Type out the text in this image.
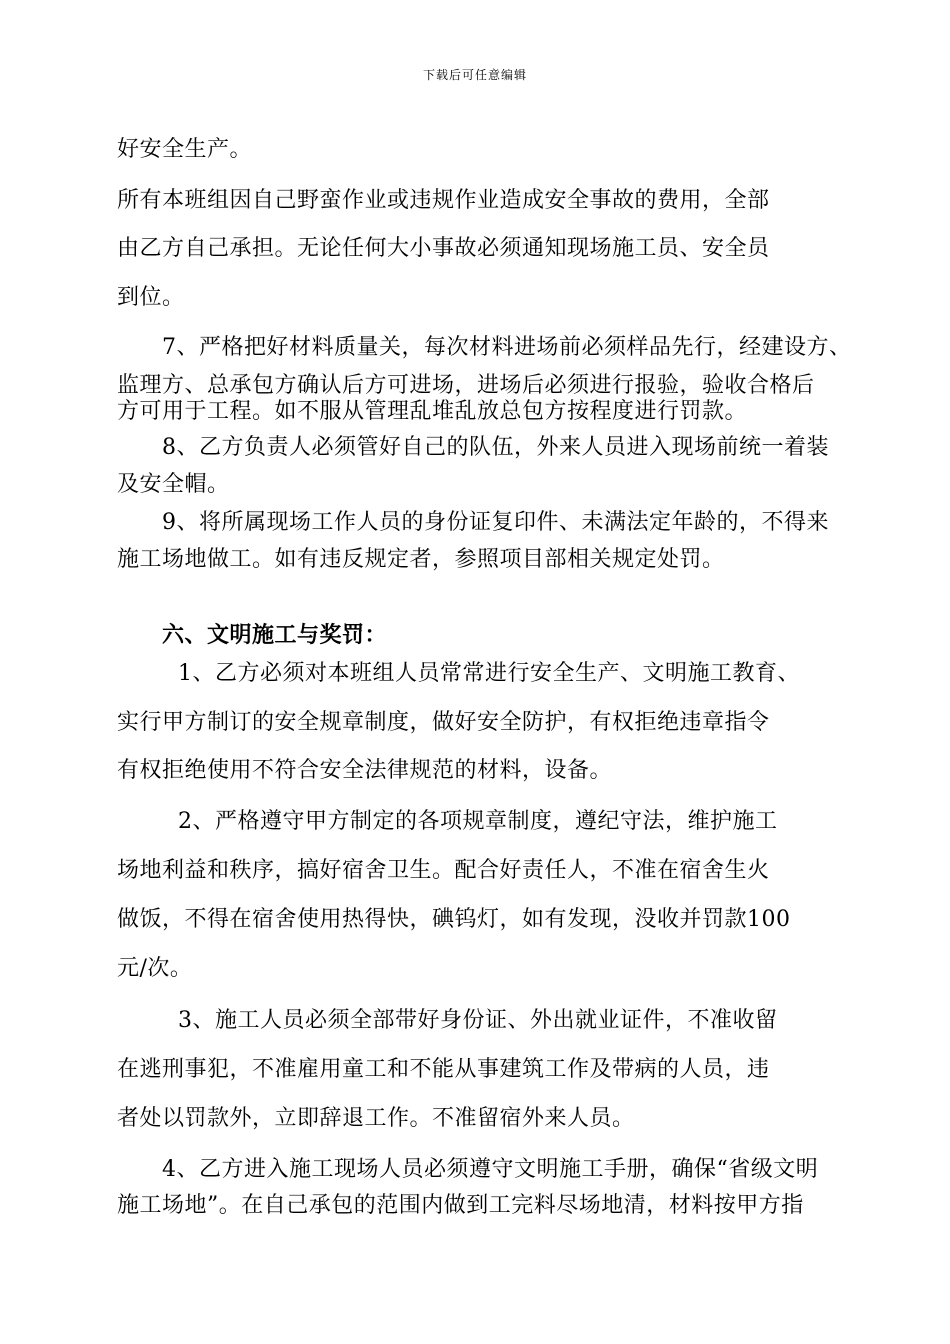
下载后可任意编辑
好安全生产。
所有本班组因自己野蛮作业或违规作业造成安全事故的费用，全部
由乙方自己承担。无论任何大小事故必须通知现场施工员、安全员
到位。
7、严格把好材料质量关，每次材料进场前必须样品先行，经建设方、
监理方、总承包方确认后方可进场，进场后必须进行报验，验收合格后
方可用于工程。如不服从管理乱堆乱放总包方按程度进行罚款。
8、乙方负责人必须管好自己的队伍，外来人员进入现场前统一着装
及安全帽。
9、将所属现场工作人员的身份证复印件、未满法定年龄的，不得来
施工场地做工。如有违反规定者，参照项目部相关规定处罚。
六、文明施工与奖罚：
1、乙方必须对本班组人员常常进行安全生产、文明施工教育、
实行甲方制订的安全规章制度，做好安全防护，有权拒绝违章指令
有权拒绝使用不符合安全法律规范的材料，设备。
2、严格遵守甲方制定的各项规章制度，遵纪守法，维护施工
场地利益和秩序，搞好宿舍卫生。配合好责任人，不准在宿舍生火
做饭，不得在宿舍使用热得快，碘钨灯，如有发现，没收并罚款100
元/次。
3、施工人员必须全部带好身份证、外出就业证件，不准收留
在逃刑事犯，不准雇用童工和不能从事建筑工作及带病的人员，违
者处以罚款外，立即辞退工作。不准留宿外来人员。
4、乙方进入施工现场人员必须遵守文明施工手册，确保“省级文明
施工场地”。在自己承包的范围内做到工完料尽场地清，材料按甲方指
